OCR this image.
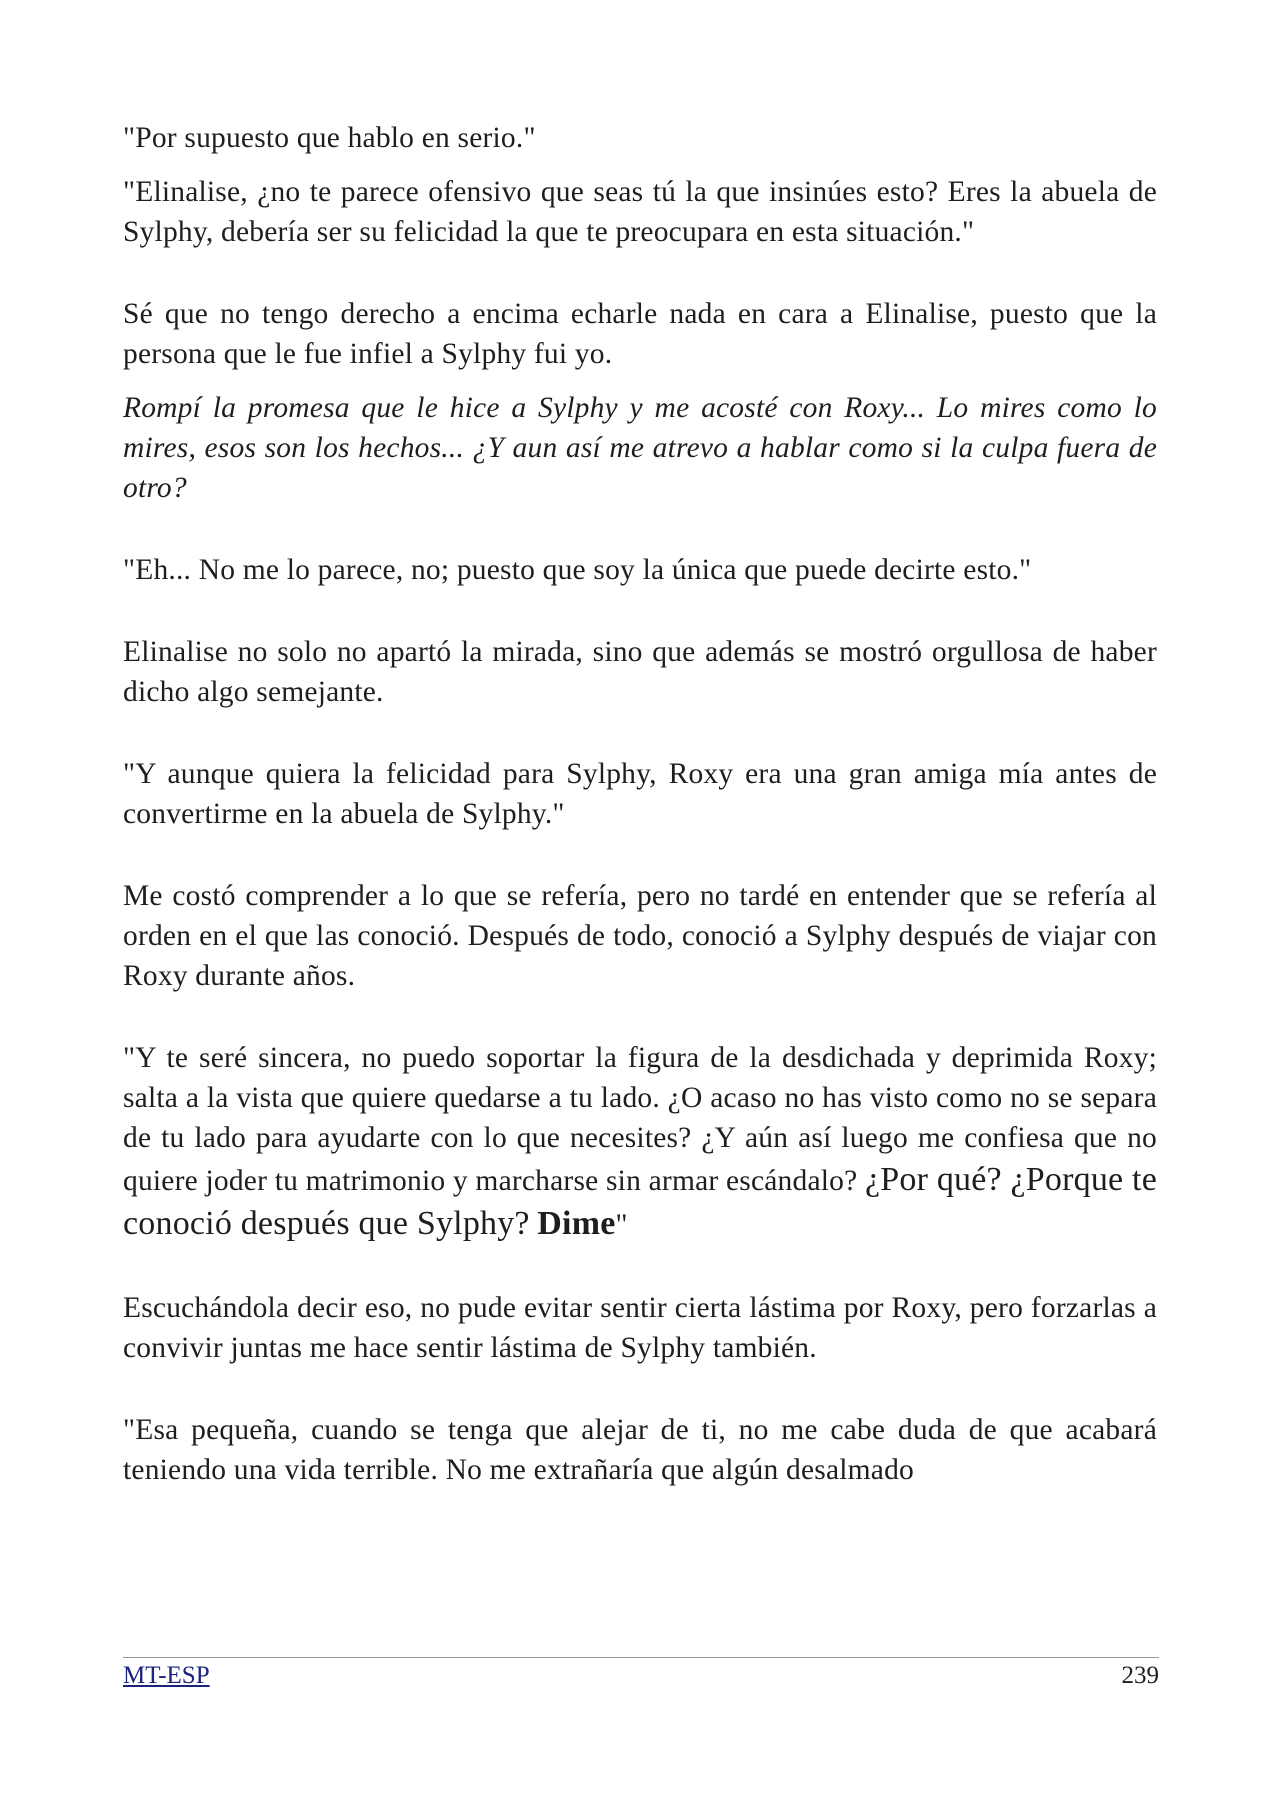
"Por supuesto que hablo en serio."

"Elinalise, ¿no te parece ofensivo que seas tú la que insinúes esto? Eres la abuela de Sylphy, debería ser su felicidad la que te preocupara en esta situación."

Sé que no tengo derecho a encima echarle nada en cara a Elinalise, puesto que la persona que le fue infiel a Sylphy fui yo.

Rompí la promesa que le hice a Sylphy y me acosté con Roxy... Lo mires como lo mires, esos son los hechos... ¿Y aun así me atrevo a hablar como si la culpa fuera de otro?

"Eh... No me lo parece, no; puesto que soy la única que puede decirte esto."

Elinalise no solo no apartó la mirada, sino que además se mostró orgullosa de haber dicho algo semejante.

"Y aunque quiera la felicidad para Sylphy, Roxy era una gran amiga mía antes de convertirme en la abuela de Sylphy."

Me costó comprender a lo que se refería, pero no tardé en entender que se refería al orden en el que las conoció. Después de todo, conoció a Sylphy después de viajar con Roxy durante años.

"Y te seré sincera, no puedo soportar la figura de la desdichada y deprimida Roxy; salta a la vista que quiere quedarse a tu lado. ¿O acaso no has visto como no se separa de tu lado para ayudarte con lo que necesites? ¿Y aún así luego me confiesa que no quiere joder tu matrimonio y marcharse sin armar escándalo? ¿Por qué? ¿Porque te conoció después que Sylphy? Dime"

Escuchándola decir eso, no pude evitar sentir cierta lástima por Roxy, pero forzarlas a convivir juntas me hace sentir lástima de Sylphy también.

"Esa pequeña, cuando se tenga que alejar de ti, no me cabe duda de que acabará teniendo una vida terrible. No me extrañaría que algún desalmado

MT-ESP	239
